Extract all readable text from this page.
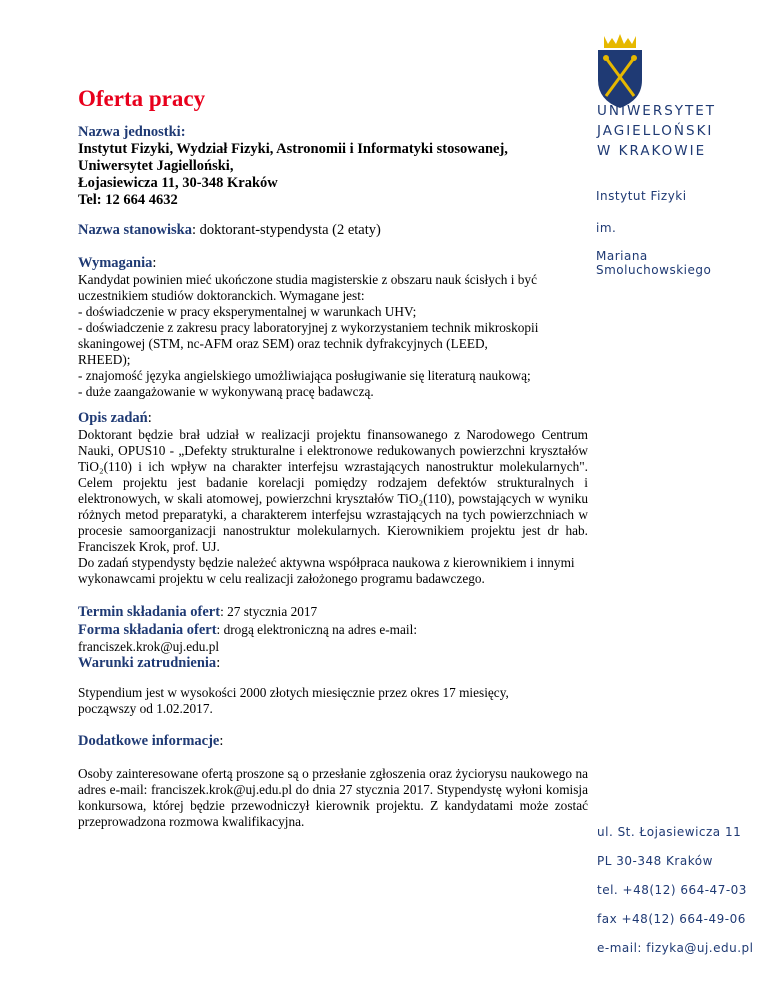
Oferta pracy
Nazwa jednostki:
Instytut Fizyki, Wydział Fizyki, Astronomii i Informatyki stosowanej,
Uniwersytet Jagielloński,
Łojasiewicza 11, 30-348 Kraków
Tel: 12 664 4632
Nazwa stanowiska: doktorant-stypendysta (2 etaty)
Wymagania:
Kandydat powinien mieć ukończone studia magisterskie z obszaru nauk ścisłych i być
uczestnikiem studiów doktoranckich. Wymagane jest:
- doświadczenie w pracy eksperymentalnej w warunkach UHV;
- doświadczenie z zakresu pracy laboratoryjnej z wykorzystaniem technik mikroskopii
skaningowej (STM, nc-AFM oraz SEM) oraz technik dyfrakcyjnych (LEED,
RHEED);
- znajomość języka angielskiego umożliwiająca posługiwanie się literaturą naukową;
- duże zaangażowanie w wykonywaną pracę badawczą.
Opis zadań:

Doktorant będzie brał udział w realizacji projektu finansowanego z Narodowego Centrum Nauki, OPUS10 - „Defekty strukturalne i elektronowe redukowanych powierzchni kryształów TiO₂(110) i ich wpływ na charakter interfejsu wzrastających nanostruktur molekularnych". Celem projektu jest badanie korelacji pomiędzy rodzajem defektów strukturalnych i elektronowych, w skali atomowej, powierzchni kryształów TiO₂(110), powstających w wyniku różnych metod preparatyki, a charakterem interfejsu wzrastających na tych powierzchniach w procesie samoorganizacji nanostruktur molekularnych. Kierownikiem projektu jest dr hab. Franciszek Krok, prof. UJ.

Do zadań stypendysty będzie należeć aktywna współpraca naukowa z kierownikiem i innymi wykonawcami projektu w celu realizacji założonego programu badawczego.

Termin składania ofert: 27 stycznia 2017
Forma składania ofert: drogą elektroniczną na adres e-mail:
franciszek.krok@uj.edu.pl
Warunki zatrudnienia:
Stypendium jest w wysokości 2000 złotych miesięcznie przez okres 17 miesięcy,
począwszy od 1.02.2017.
Dodatkowe informacje:

Osoby zainteresowane ofertą proszone są o przesłanie zgłoszenia oraz życiorysu naukowego na adres e-mail: franciszek.krok@uj.edu.pl do dnia 27 stycznia 2017. Stypendystę wyłoni komisja konkursowa, której będzie przewodniczył kierownik projektu. Z kandydatami może zostać przeprowadzona rozmowa kwalifikacyjna.

UNIWERSYTET
JAGIELLOŃSKI
W KRAKOWIE
Instytut Fizyki
im.
Mariana Smoluchowskiego
ul. St. Łojasiewicza 11
PL 30-348 Kraków
tel. +48(12) 664-47-03
fax +48(12) 664-49-06
e-mail: fizyka@uj.edu.pl
